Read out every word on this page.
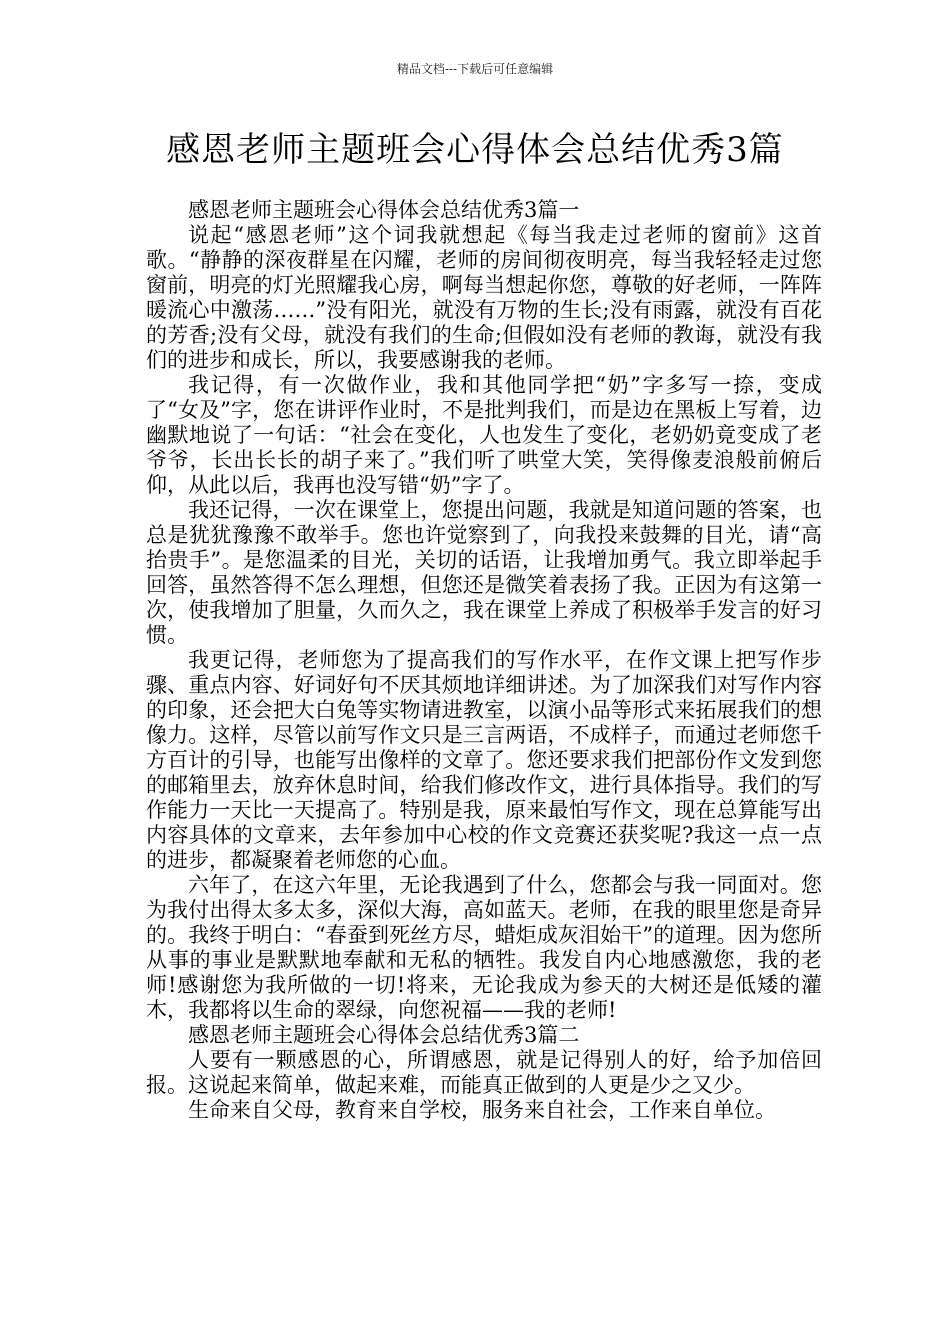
精品文档---下载后可任意编辑
感恩老师主题班会心得体会总结优秀3篇

感恩老师主题班会心得体会总结优秀3篇一

说起“感恩老师”这个词我就想起《每当我走过老师的窗前》这首歌。“静静的深夜群星在闪耀，老师的房间彻夜明亮，每当我轻轻走过您窗前，明亮的灯光照耀我心房，啊每当想起你您，尊敬的好老师，一阵阵暖流心中激荡……”没有阳光，就没有万物的生长;没有雨露，就没有百花的芳香;没有父母，就没有我们的生命;但假如没有老师的教诲，就没有我们的进步和成长，所以，我要感谢我的老师。

我记得，有一次做作业，我和其他同学把“奶”字多写一捺，变成了“女及”字，您在讲评作业时，不是批判我们，而是边在黑板上写着，边幽默地说了一句话：“社会在变化，人也发生了变化，老奶奶竟变成了老爷爷，长出长长的胡子来了。”我们听了哄堂大笑，笑得像麦浪般前俯后仰，从此以后，我再也没写错“奶”字了。

我还记得，一次在课堂上，您提出问题，我就是知道问题的答案，也总是犹犹豫豫不敢举手。您也许觉察到了，向我投来鼓舞的目光，请“高抬贵手”。是您温柔的目光，关切的话语，让我增加勇气。我立即举起手回答，虽然答得不怎么理想，但您还是微笑着表扬了我。正因为有这第一次，使我增加了胆量，久而久之，我在课堂上养成了积极举手发言的好习惯。

我更记得，老师您为了提高我们的写作水平，在作文课上把写作步骤、重点内容、好词好句不厌其烦地详细讲述。为了加深我们对写作内容的印象，还会把大白兔等实物请进教室，以演小品等形式来拓展我们的想像力。这样，尽管以前写作文只是三言两语，不成样子，而通过老师您千方百计的引导，也能写出像样的文章了。您还要求我们把部份作文发到您的邮箱里去，放弃休息时间，给我们修改作文，进行具体指导。我们的写作能力一天比一天提高了。特别是我，原来最怕写作文，现在总算能写出内容具体的文章来，去年参加中心校的作文竞赛还获奖呢?我这一点一点的进步，都凝聚着老师您的心血。

六年了，在这六年里，无论我遇到了什么，您都会与我一同面对。您为我付出得太多太多，深似大海，高如蓝天。老师，在我的眼里您是奇异的。我终于明白：“春蚕到死丝方尽，蜡炬成灰泪始干”的道理。因为您所从事的事业是默默地奉献和无私的牺牲。我发自内心地感激您，我的老师!感谢您为我所做的一切!将来，无论我成为参天的大树还是低矮的灌木，我都将以生命的翠绿，向您祝福——我的老师!

感恩老师主题班会心得体会总结优秀3篇二

人要有一颗感恩的心，所谓感恩，就是记得别人的好，给予加倍回报。这说起来简单，做起来难，而能真正做到的人更是少之又少。

生命来自父母，教育来自学校，服务来自社会，工作来自单位。
